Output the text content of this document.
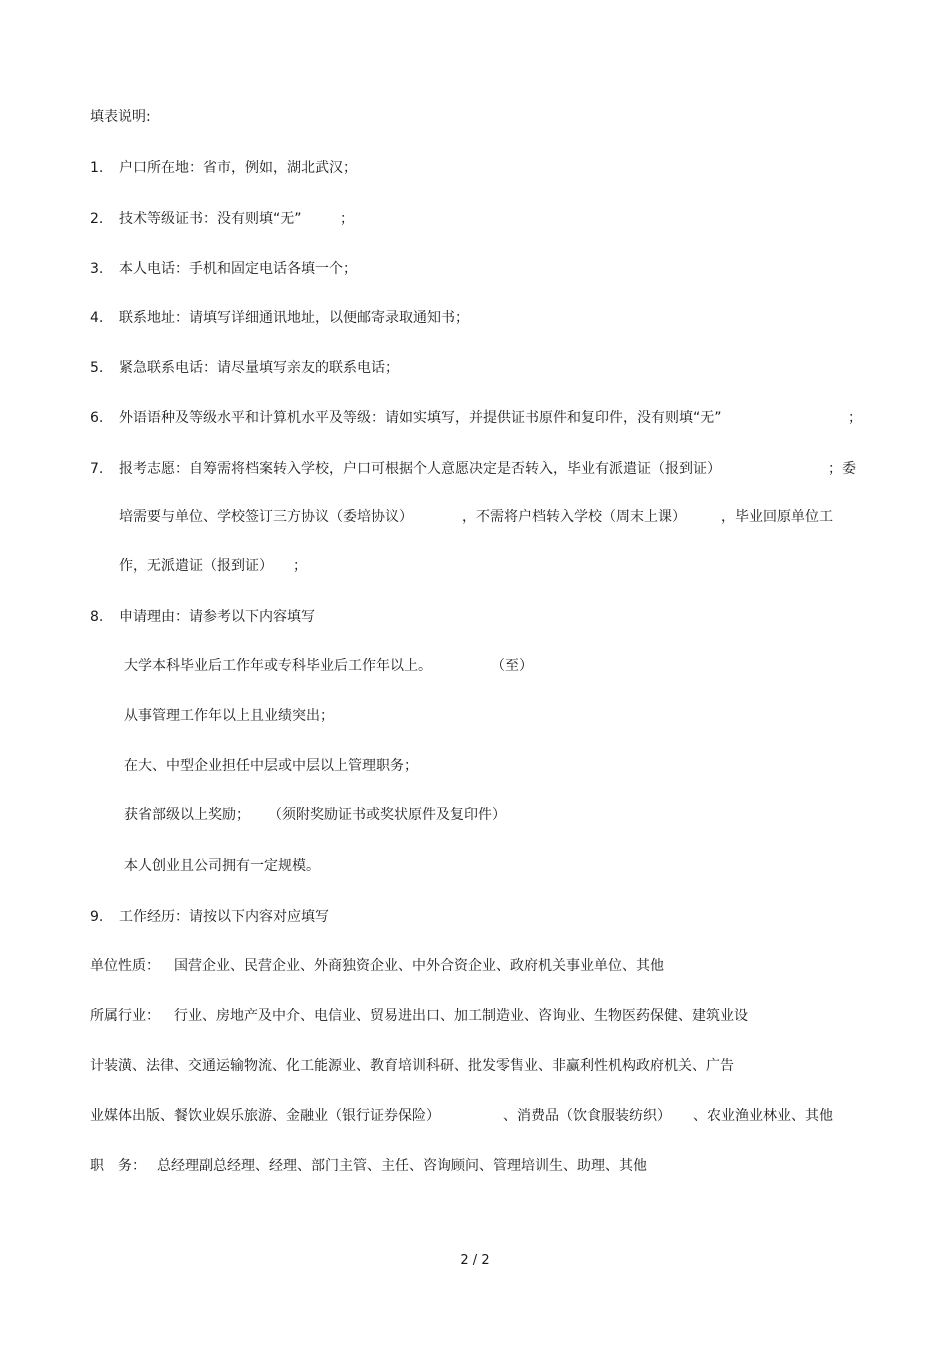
填表说明:
1. 户口所在地：省市，例如，湖北武汉；
2. 技术等级证书：没有则填“无”	；
3. 本人电话：手机和固定电话各填一个；
4. 联系地址：请填写详细通讯地址，以便邮寄录取通知书；
5. 紧急联系电话：请尽量填写亲友的联系电话；
6. 外语语种及等级水平和计算机水平及等级：请如实填写，并提供证书原件和复印件，没有则填“无”	；
7. 报考志愿：自筹需将档案转入学校，户口可根据个人意愿决定是否转入，毕业有派遣证（报到证）	；委
培需要与单位、学校签订三方协议（委培协议）	，不需将户档转入学校（周末上课）	，毕业回原单位工
作，无派遣证（报到证） ；
8. 申请理由：请参考以下内容填写
大学本科毕业后工作年或专科毕业后工作年以上。	（至）
从事管理工作年以上且业绩突出；
在大、中型企业担任中层或中层以上管理职务；
获省部级以上奖励； （须附奖励证书或奖状原件及复印件）
本人创业且公司拥有一定规模。
9. 工作经历：请按以下内容对应填写
单位性质： 国营企业、民营企业、外商独资企业、中外合资企业、政府机关事业单位、其他
所属行业： 行业、房地产及中介、电信业、贸易进出口、加工制造业、咨询业、生物医药保健、建筑业设
计装潢、法律、交通运输物流、化工能源业、教育培训科研、批发零售业、非赢利性机构政府机关、广告
业媒体出版、餐饮业娱乐旅游、金融业（银行证券保险）	、消费品（饮食服装纺织） 、农业渔业林业、其他
职　务： 总经理副总经理、经理、部门主管、主任、咨询顾问、管理培训生、助理、其他
2 / 2
